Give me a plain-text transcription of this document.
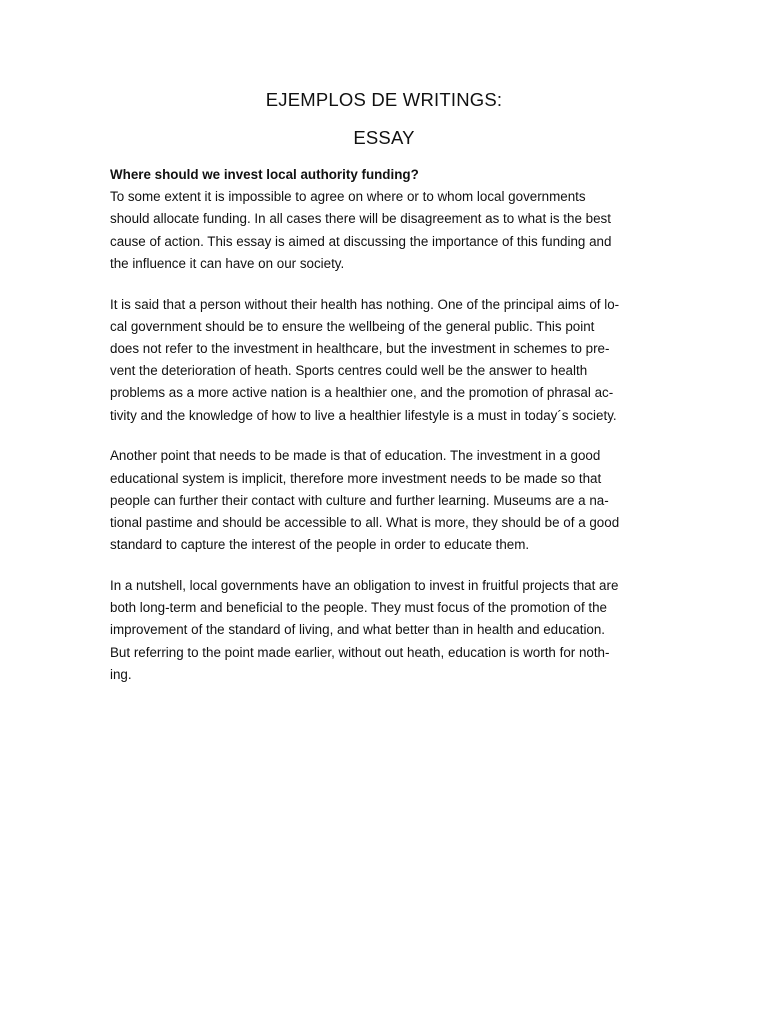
EJEMPLOS DE WRITINGS:
ESSAY

Where should we invest local authority funding?

To some extent it is impossible to agree on where or to whom local governments
should allocate funding. In all cases there will be disagreement as to what is the best
cause of action. This essay is aimed at discussing the importance of this funding and
the influence it can have on our society.

It is said that a person without their health has nothing. One of the principal aims of lo-
cal government should be to ensure the wellbeing of the general public. This point
does not refer to the investment in healthcare, but the investment in schemes to pre-
vent the deterioration of heath. Sports centres could well be the answer to health
problems as a more active nation is a healthier one, and the promotion of phrasal ac-
tivity and the knowledge of how to live a healthier lifestyle is a must in today´s society.

Another point that needs to be made is that of education. The investment in a good
educational system is implicit, therefore more investment needs to be made so that
people can further their contact with culture and further learning. Museums are a na-
tional pastime and should be accessible to all. What is more, they should be of a good
standard to capture the interest of the people in order to educate them.

In a nutshell, local governments have an obligation to invest in fruitful projects that are
both long-term and beneficial to the people. They must focus of the promotion of the
improvement of the standard of living, and what better than in health and education.
But referring to the point made earlier, without out heath, education is worth for noth-
ing.
